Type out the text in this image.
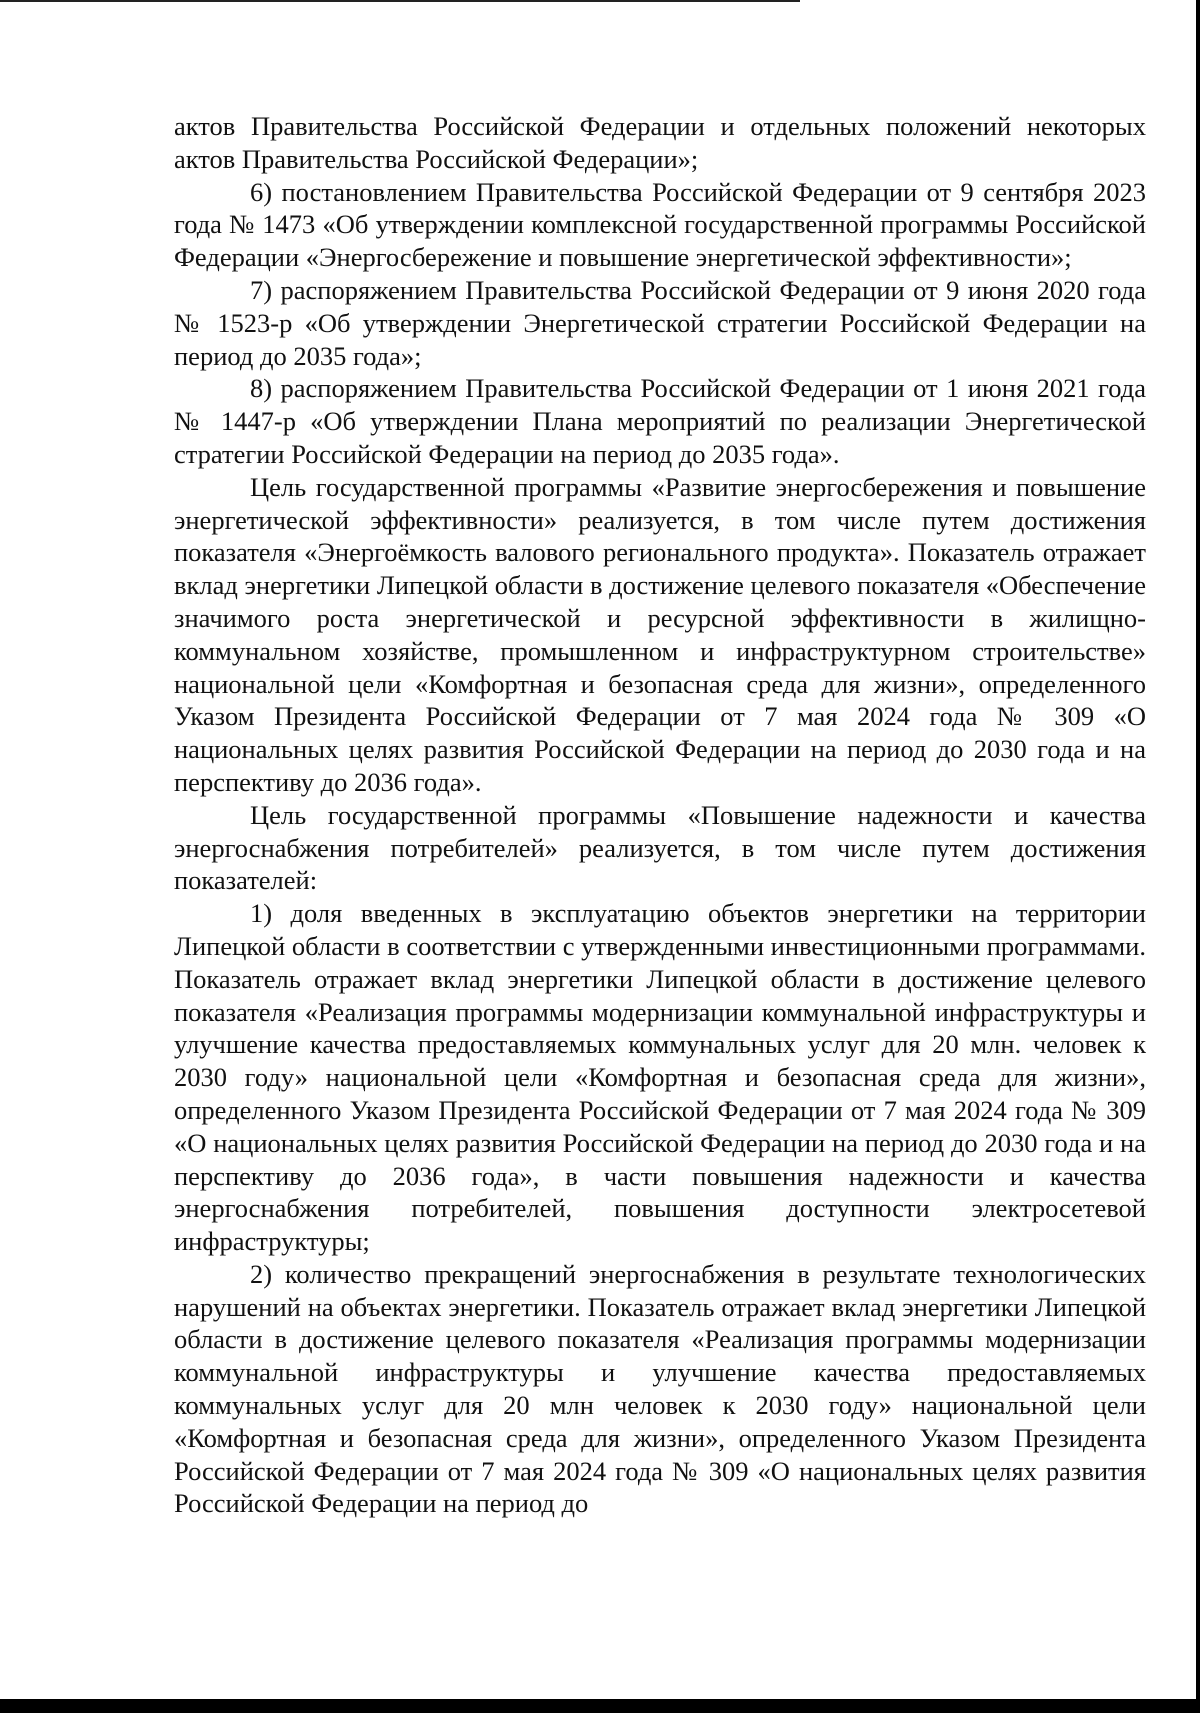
актов Правительства Российской Федерации и отдельных положений некоторых актов Правительства Российской Федерации»;

6) постановлением Правительства Российской Федерации от 9 сентября 2023 года № 1473 «Об утверждении комплексной государственной программы Российской Федерации «Энергосбережение и повышение энергетической эффективности»;

7) распоряжением Правительства Российской Федерации от 9 июня 2020 года № 1523-р «Об утверждении Энергетической стратегии Российской Федерации на период до 2035 года»;

8) распоряжением Правительства Российской Федерации от 1 июня 2021 года № 1447-р «Об утверждении Плана мероприятий по реализации Энергетической стратегии Российской Федерации на период до 2035 года».

Цель государственной программы «Развитие энергосбережения и повышение энергетической эффективности» реализуется, в том числе путем достижения показателя «Энергоёмкость валового регионального продукта». Показатель отражает вклад энергетики Липецкой области в достижение целевого показателя «Обеспечение значимого роста энергетической и ресурсной эффективности в жилищно-коммунальном хозяйстве, промышленном и инфраструктурном строительстве» национальной цели «Комфортная и безопасная среда для жизни», определенного Указом Президента Российской Федерации от 7 мая 2024 года № 309 «О национальных целях развития Российской Федерации на период до 2030 года и на перспективу до 2036 года».

Цель государственной программы «Повышение надежности и качества энергоснабжения потребителей» реализуется, в том числе путем достижения показателей:

1) доля введенных в эксплуатацию объектов энергетики на территории Липецкой области в соответствии с утвержденными инвестиционными программами. Показатель отражает вклад энергетики Липецкой области в достижение целевого показателя «Реализация программы модернизации коммунальной инфраструктуры и улучшение качества предоставляемых коммунальных услуг для 20 млн. человек к 2030 году» национальной цели «Комфортная и безопасная среда для жизни», определенного Указом Президента Российской Федерации от 7 мая 2024 года № 309 «О национальных целях развития Российской Федерации на период до 2030 года и на перспективу до 2036 года», в части повышения надежности и качества энергоснабжения потребителей, повышения доступности электросетевой инфраструктуры;

2) количество прекращений энергоснабжения в результате технологических нарушений на объектах энергетики. Показатель отражает вклад энергетики Липецкой области в достижение целевого показателя «Реализация программы модернизации коммунальной инфраструктуры и улучшение качества предоставляемых коммунальных услуг для 20 млн человек к 2030 году» национальной цели «Комфортная и безопасная среда для жизни», определенного Указом Президента Российской Федерации от 7 мая 2024 года № 309 «О национальных целях развития Российской Федерации на период до
